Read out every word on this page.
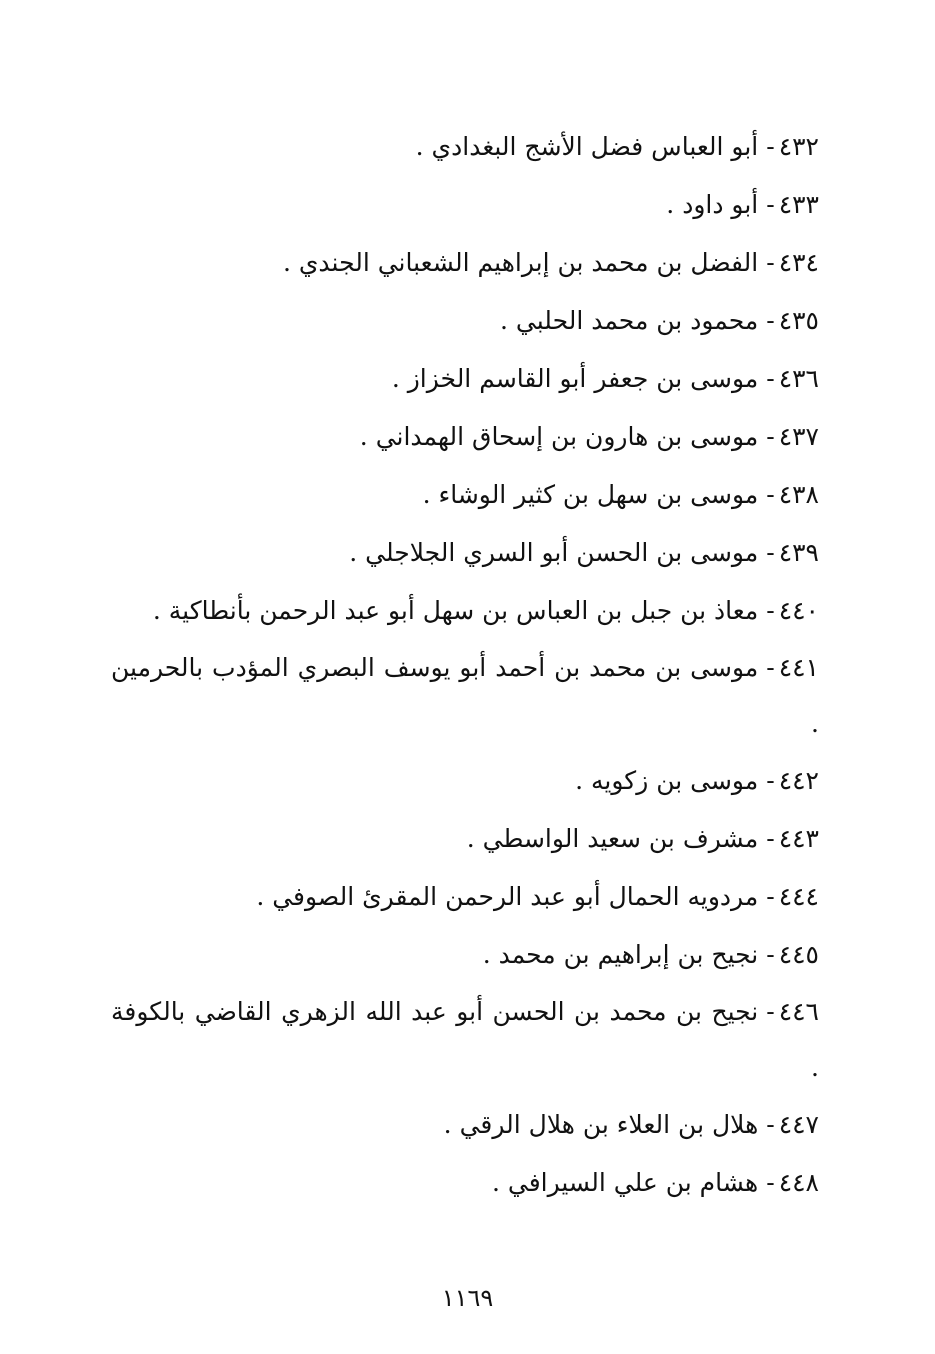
٤٣٢-أبو العباس فضل الأشج البغدادي .
٤٣٣-أبو داود .
٤٣٤-الفضل بن محمد بن إبراهيم الشعباني الجندي .
٤٣٥-محمود بن محمد الحلبي .
٤٣٦-موسى بن جعفر أبو القاسم الخزاز .
٤٣٧-موسى بن هارون بن إسحاق الهمداني .
٤٣٨-موسى بن سهل بن كثير الوشاء .
٤٣٩-موسى بن الحسن أبو السري الجلاجلي .
٤٤٠-معاذ بن جبل بن العباس بن سهل أبو عبد الرحمن بأنطاكية .
٤٤١-موسى بن محمد بن أحمد أبو يوسف البصري المؤدب بالحرمين .
٤٤٢-موسى بن زكويه .
٤٤٣-مشرف بن سعيد الواسطي .
٤٤٤-مردويه الحمال أبو عبد الرحمن المقرئ الصوفي .
٤٤٥-نجيح بن إبراهيم بن محمد .
٤٤٦-نجيح بن محمد بن الحسن أبو عبد الله الزهري القاضي بالكوفة .
٤٤٧-هلال بن العلاء بن هلال الرقي .
٤٤٨-هشام بن علي السيرافي .
١١٦٩
